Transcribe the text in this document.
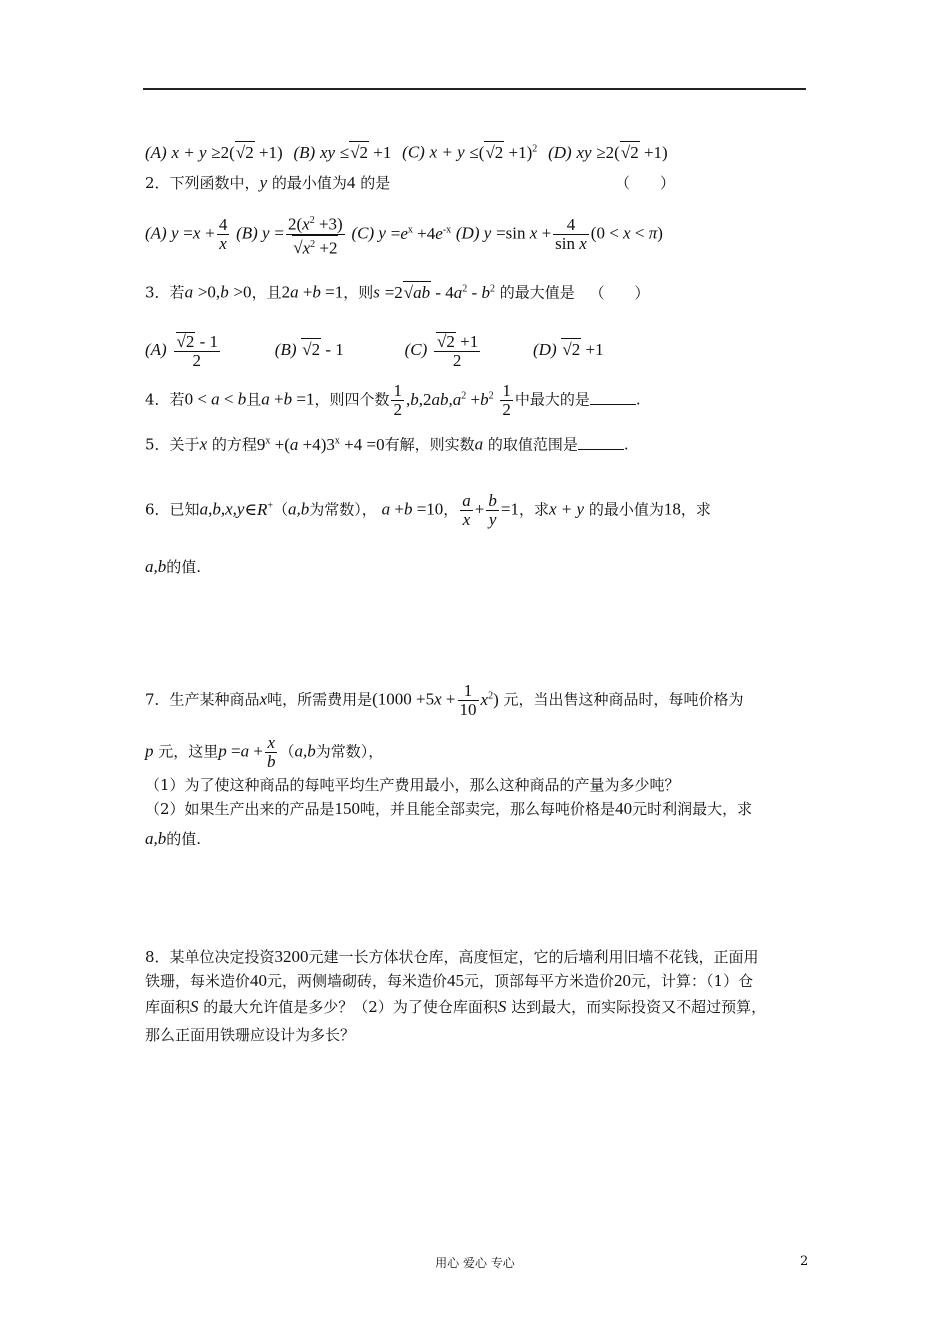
(A) x + y ≥2( √ 2 +1) (B) xy ≤ √ 2 +1 (C) x + y ≤( √ 2 +1)$^2$ (D) xy ≥2( √ 2 +1)
2．下列函数中，y 的最小值为4 的是	（　　）
(A) $y =x + \frac{4}{x} (B) y = 2(x^2 +3)$
√ $x^2 +2$ (C) $y =e^x +4e^{-x}$ (D) y =sin $x + \frac{4}{\text{sin x}} (0 < x < \pi)$
3．若a >0,b >0，且2a +b =1，则s =2 √ ab - $4a^2 - b^2$ 的最大值是 （　　）
(A) √ $\frac{2 - 1}{2}$	(B) √ 2 - 1	(C) √ $\frac{2 +1}{2}$	(D) √ 2 +1
4．若0 < a < b且a +b =1，则四个数 $\frac{1}{2} ,b,2ab,a^2 +b^2 \frac{1}{2}$ 中最大的是	.
5．关于x 的方程$9^x +(a +4)3^x +4 =0$有解，则实数a 的取值范围是	.
6．已知a,b,x,y∈R+（a,b为常数）， a +b =10， $\frac{a}{x} + \frac{b}{y} =1$，求x + y 的最小值为18，求
a,b的值.
7．生产某种商品x吨，所需费用是$(1000 +5x + \frac{1}{10} x^2)$ 元，当出售这种商品时，每吨价格为
p 元，这里$p =a + \frac{x}{b} (a,b$为常数），
（1）为了使这种商品的每吨平均生产费用最小，那么这种商品的产量为多少吨？
（2）如果生产出来的产品是150吨，并且能全部卖完，那么每吨价格是40元时利润最大，求
a,b的值.
8．某单位决定投资3200元建一长方体状仓库，高度恒定，它的后墙利用旧墙不花钱，正面用
铁珊，每米造价40元，两侧墙砌砖，每米造价45元，顶部每平方米造价20元，计算：（1）仓
库面积S 的最大允许值是多少？（2）为了使仓库面积S 达到最大，而实际投资又不超过预算，
那么正面用铁珊应设计为多长？
用心 爱心 专心	2
